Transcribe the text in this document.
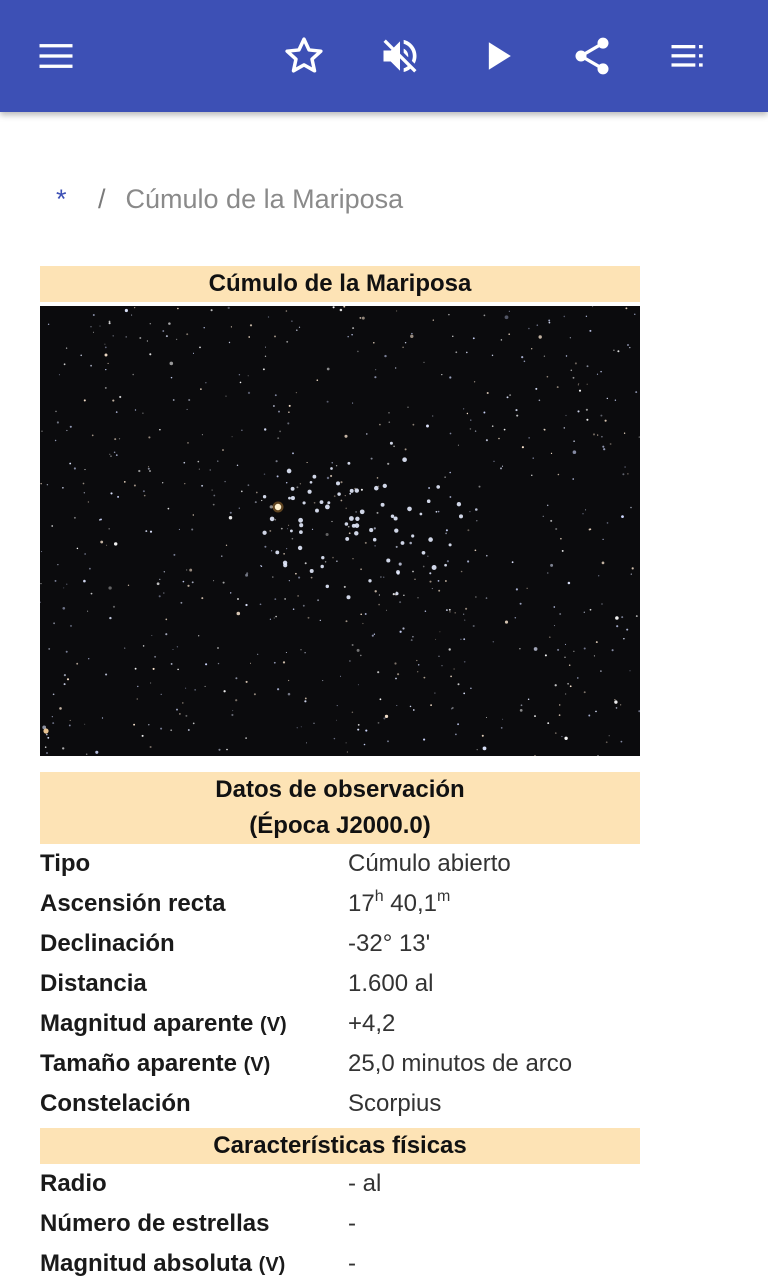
*	/ Cúmulo de la Mariposa
Cúmulo de la Mariposa
Datos de observación
(Época J2000.0)
Tipo	Cúmulo abierto
Ascensión recta	17$^h$ 40,1$^m$
Declinación	-32° 13'
Distancia	1.600 al
Magnitud aparente (V)	+4,2
Tamaño aparente (V)	25,0 minutos de arco
Constelación	Scorpius
Características físicas
Radio	- al
Número de estrellas	-
Magnitud absoluta (V)	-
